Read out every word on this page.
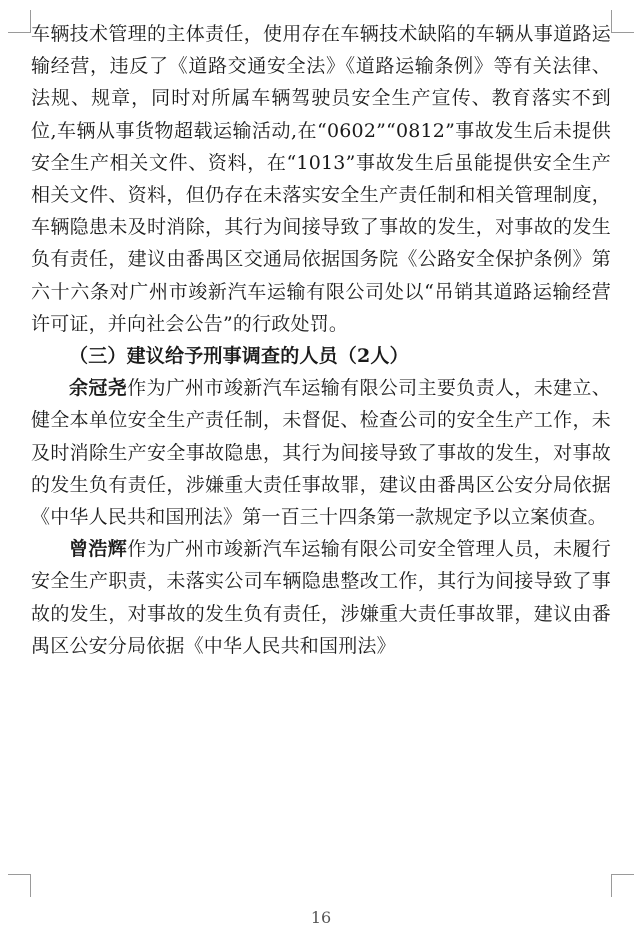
车辆技术管理的主体责任，使用存在车辆技术缺陷的车辆从事道路运输经营，违反了《道路交通安全法》《道路运输条例》等有关法律、法规、规章，同时对所属车辆驾驶员安全生产宣传、教育落实不到位,车辆从事货物超载运输活动,在“0602”“0812”事故发生后未提供安全生产相关文件、资料，在“1013”事故发生后虽能提供安全生产相关文件、资料，但仍存在未落实安全生产责任制和相关管理制度，车辆隐患未及时消除，其行为间接导致了事故的发生，对事故的发生负有责任，建议由番禺区交通局依据国务院《公路安全保护条例》第六十六条对广州市竣新汽车运输有限公司处以“吊销其道路运输经营许可证，并向社会公告”的行政处罚。

（三）建议给予刑事调查的人员（2人）

余冠尧作为广州市竣新汽车运输有限公司主要负责人，未建立、健全本单位安全生产责任制，未督促、检查公司的安全生产工作，未及时消除生产安全事故隐患，其行为间接导致了事故的发生，对事故的发生负有责任，涉嫌重大责任事故罪，建议由番禺区公安分局依据《中华人民共和国刑法》第一百三十四条第一款规定予以立案侦查。

曾浩辉作为广州市竣新汽车运输有限公司安全管理人员，未履行安全生产职责，未落实公司车辆隐患整改工作，其行为间接导致了事故的发生，对事故的发生负有责任，涉嫌重大责任事故罪，建议由番禺区公安分局依据《中华人民共和国刑法》

16
